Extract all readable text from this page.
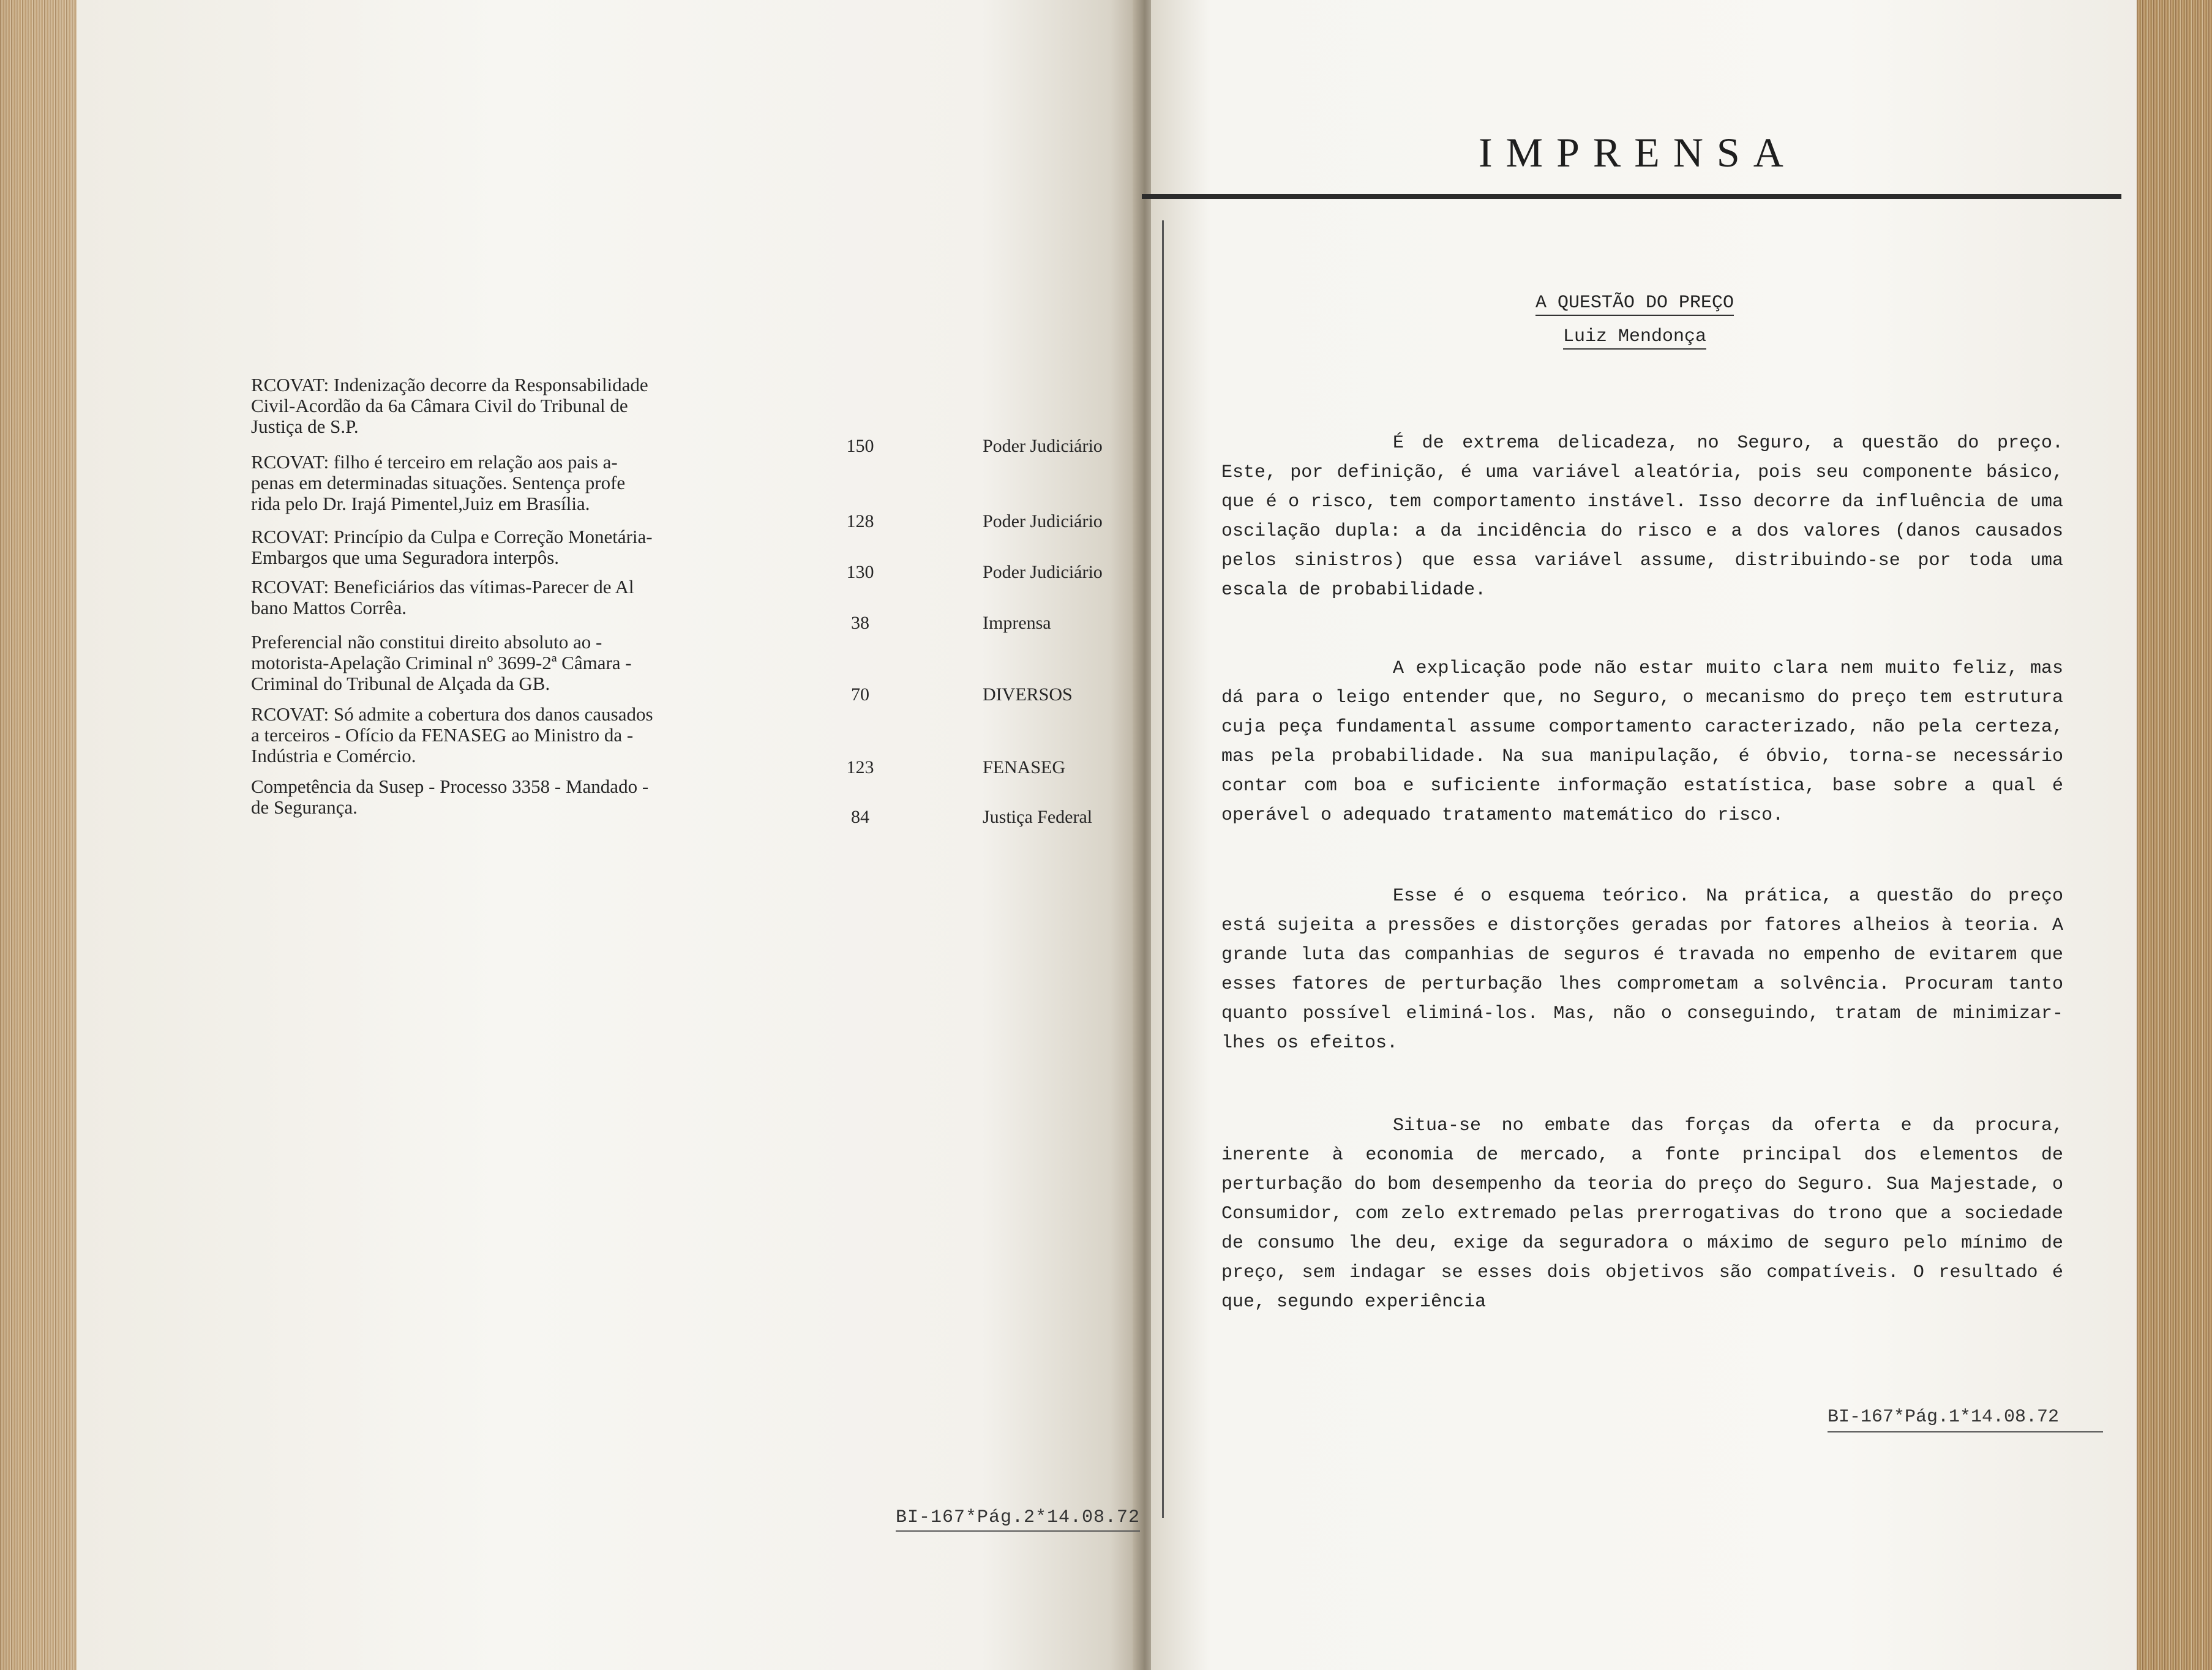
RCOVAT: Indenização decorre da Responsabilidade
Civil-Acordão da 6a Câmara Civil do Tribunal de
Justiça de S.P.
150	Poder Judiciário
RCOVAT: filho é terceiro em relação aos pais a-
penas em determinadas situações. Sentença profe
rida pelo Dr. Irajá Pimentel,Juiz em Brasília.
128	Poder Judiciário
RCOVAT: Princípio da Culpa e Correção Monetária-
Embargos que uma Seguradora interpôs.
130	Poder Judiciário
RCOVAT: Beneficiários das vítimas-Parecer de Al
bano Mattos Corrêa.
38	Imprensa
Preferencial não constitui direito absoluto ao -
motorista-Apelação Criminal nº 3699-2ª Câmara -
Criminal do Tribunal de Alçada da GB.
70	DIVERSOS
RCOVAT: Só admite a cobertura dos danos causados
a terceiros - Ofício da FENASEG ao Ministro da -
Indústria e Comércio.
123	FENASEG
Competência da Susep - Processo 3358 - Mandado -
de Segurança.	84	Justiça Federal
BI-167*Pág.2*14.08.72
IMPRENSA
A QUESTÃO DO PREÇO
Luiz Mendonça

É de extrema delicadeza, no Seguro, a questão do preço. Este, por definição, é uma variável aleatória, pois seu componente básico, que é o risco, tem comportamento instável. Isso decorre da influência de uma oscilação dupla: a da incidência do risco e a dos valores (danos causados pelos sinistros) que essa variável assume, distribuindo-se por toda uma escala de probabilidade.

A explicação pode não estar muito clara nem muito feliz, mas dá para o leigo entender que, no Seguro, o mecanismo do preço tem estrutura cuja peça fundamental assume comportamento caracterizado, não pela certeza, mas pela probabilidade. Na sua manipulação, é óbvio, torna-se necessário contar com boa e suficiente informação estatística, base sobre a qual é operável o adequado tratamento matemático do risco.

Esse é o esquema teórico. Na prática, a questão do preço está sujeita a pressões e distorções geradas por fatores alheios à teoria. A grande luta das companhias de seguros é travada no empenho de evitarem que esses fatores de perturbação lhes comprometam a solvência. Procuram tanto quanto possível eliminá-los. Mas, não o conseguindo, tratam de minimizar-lhes os efeitos.

Situa-se no embate das forças da oferta e da procura, inerente à economia de mercado, a fonte principal dos elementos de perturbação do bom desempenho da teoria do preço do Seguro. Sua Majestade, o Consumidor, com zelo extremado pelas prerrogativas do trono que a sociedade de consumo lhe deu, exige da seguradora o máximo de seguro pelo mínimo de preço, sem indagar se esses dois objetivos são compatíveis. O resultado é que, segundo experiência

BI-167*Pág.1*14.08.72
